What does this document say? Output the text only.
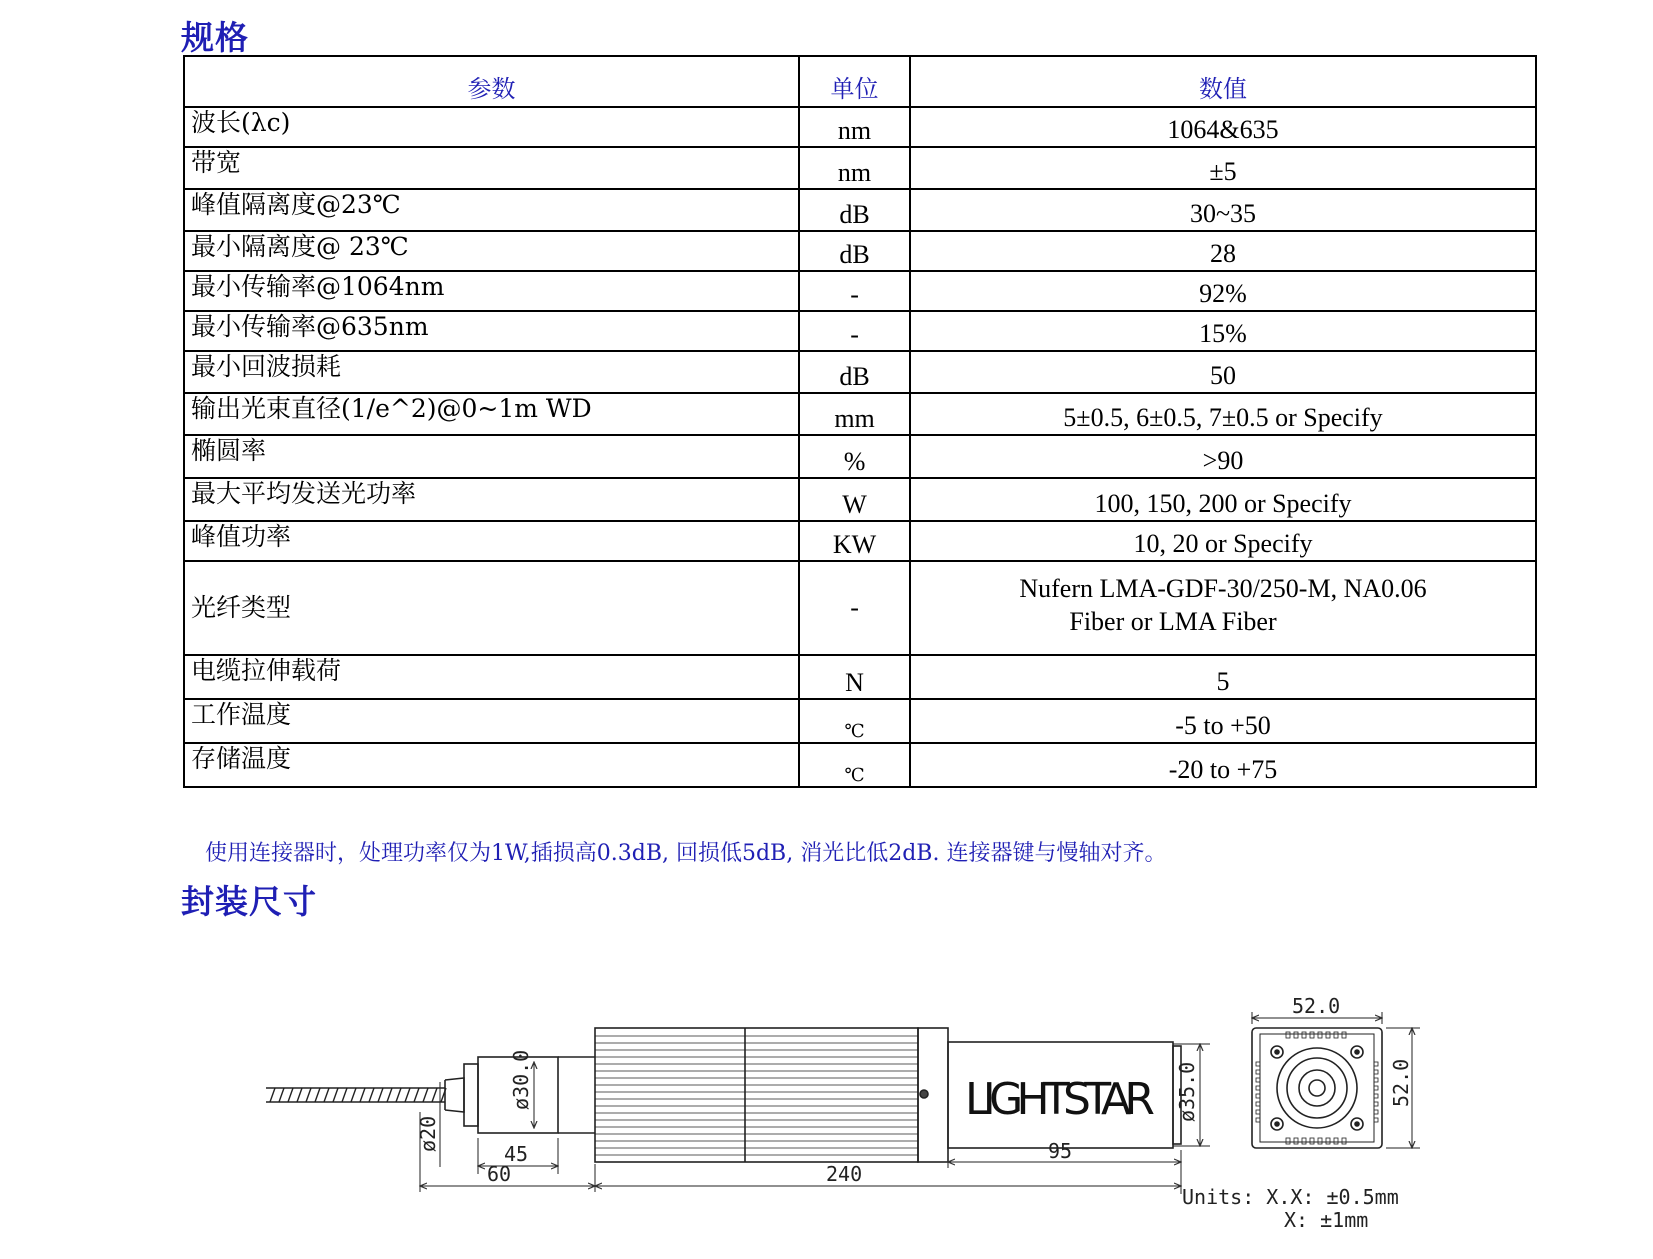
规格
参数	单位	数值
波长(λc)	nm	1064&635
带宽	nm	±5
峰值隔离度@23℃	dB	30~35
最小隔离度@ 23℃	dB	28
最小传输率@1064nm	-	92%
最小传输率@635nm	-	15%
最小回波损耗	dB	50
输出光束直径(1/e^2)@0~1m WD	mm	5±0.5, 6±0.5, 7±0.5 or Specify
椭圆率	%	>90
最大平均发送光功率	W	100, 150, 200 or Specify
峰值功率	KW	10, 20 or Specify
光纤类型	-	Nufern LMA-GDF-30/250-M, NA0.06
Fiber or LMA Fiber

电缆拉伸载荷	N	5
工作温度	℃	-5 to +50
存储温度	℃	-20 to +75
使用连接器时，处理功率仅为1W,插损高0.3dB, 回损低5dB, 消光比低2dB. 连接器键与慢轴对齐。
封装尺寸
LIGHTSTAR
ø30.0
ø20
ø35.0
45
60	240
95
52.0
52.0
Units: X.X: ±0.5mm
X: ±1mm
